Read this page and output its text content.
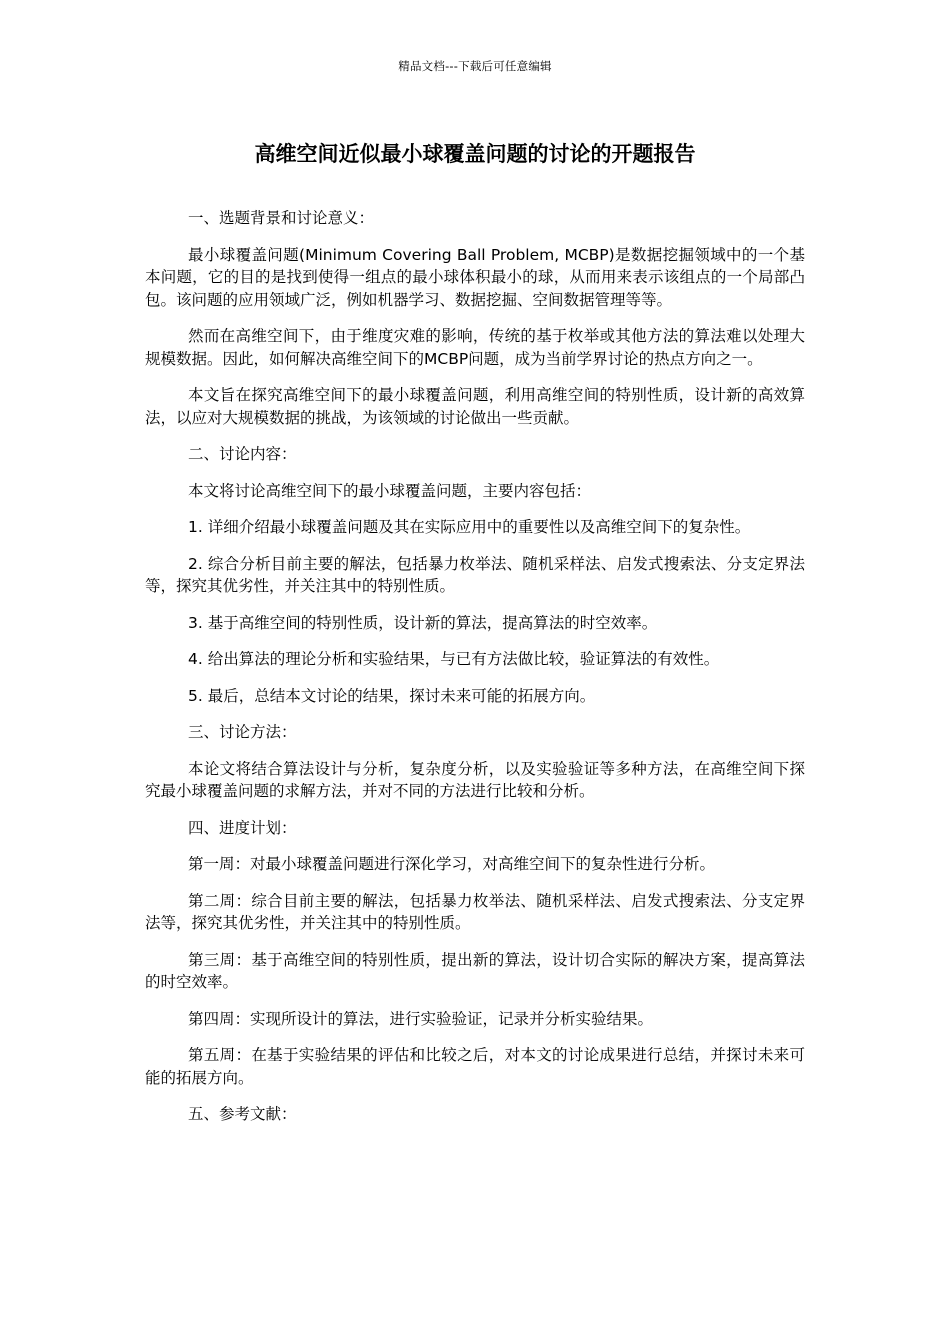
精品文档---下载后可任意编辑
高维空间近似最小球覆盖问题的讨论的开题报告

一、选题背景和讨论意义：

最小球覆盖问题(Minimum Covering Ball Problem, MCBP)是数据挖掘领域中的一个基本问题，它的目的是找到使得一组点的最小球体积最小的球，从而用来表示该组点的一个局部凸包。该问题的应用领域广泛，例如机器学习、数据挖掘、空间数据管理等等。

然而在高维空间下，由于维度灾难的影响，传统的基于枚举或其他方法的算法难以处理大规模数据。因此，如何解决高维空间下的MCBP问题，成为当前学界讨论的热点方向之一。

本文旨在探究高维空间下的最小球覆盖问题，利用高维空间的特别性质，设计新的高效算法，以应对大规模数据的挑战，为该领域的讨论做出一些贡献。

二、讨论内容：

本文将讨论高维空间下的最小球覆盖问题，主要内容包括：

1. 详细介绍最小球覆盖问题及其在实际应用中的重要性以及高维空间下的复杂性。

2. 综合分析目前主要的解法，包括暴力枚举法、随机采样法、启发式搜索法、分支定界法等，探究其优劣性，并关注其中的特别性质。

3. 基于高维空间的特别性质，设计新的算法，提高算法的时空效率。

4. 给出算法的理论分析和实验结果，与已有方法做比较，验证算法的有效性。

5. 最后，总结本文讨论的结果，探讨未来可能的拓展方向。

三、讨论方法：

本论文将结合算法设计与分析，复杂度分析，以及实验验证等多种方法，在高维空间下探究最小球覆盖问题的求解方法，并对不同的方法进行比较和分析。

四、进度计划：

第一周：对最小球覆盖问题进行深化学习，对高维空间下的复杂性进行分析。

第二周：综合目前主要的解法，包括暴力枚举法、随机采样法、启发式搜索法、分支定界法等，探究其优劣性，并关注其中的特别性质。

第三周：基于高维空间的特别性质，提出新的算法，设计切合实际的解决方案，提高算法的时空效率。

第四周：实现所设计的算法，进行实验验证，记录并分析实验结果。

第五周：在基于实验结果的评估和比较之后，对本文的讨论成果进行总结，并探讨未来可能的拓展方向。

五、参考文献：
